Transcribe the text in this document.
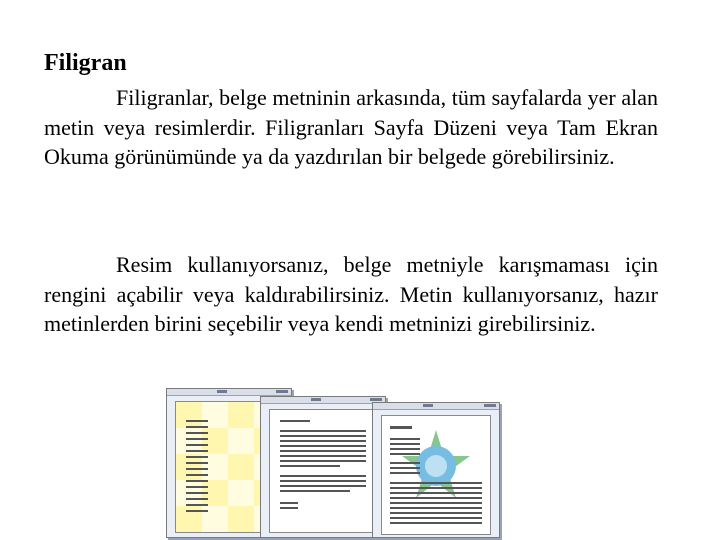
Filigran

Filigranlar, belge metninin arkasında, tüm sayfalarda yer alan metin veya resimlerdir. Filigranları Sayfa Düzeni veya Tam Ekran Okuma görünümünde ya da yazdırılan bir belgede görebilirsiniz.

Resim kullanıyorsanız, belge metniyle karışmaması için rengini açabilir veya kaldırabilirsiniz. Metin kullanıyorsanız, hazır metinlerden birini seçebilir veya kendi metninizi girebilirsiniz.
